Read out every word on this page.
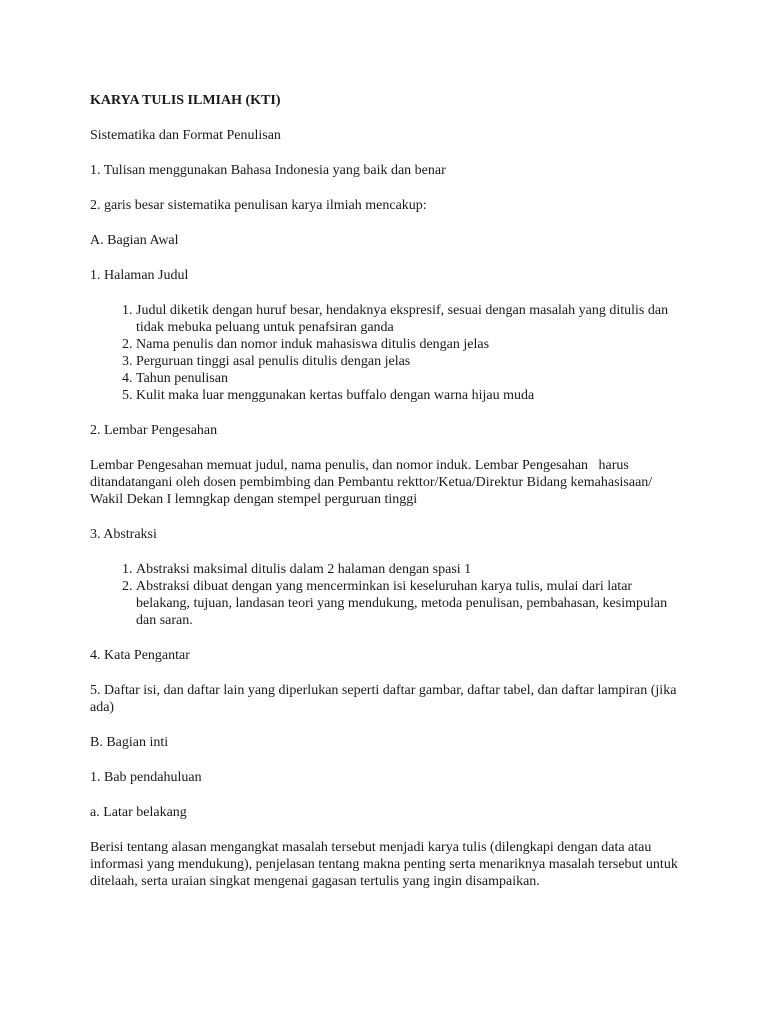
KARYA TULIS ILMIAH (KTI)

Sistematika dan Format Penulisan

1. Tulisan menggunakan Bahasa Indonesia yang baik dan benar

2. garis besar sistematika penulisan karya ilmiah mencakup:

A. Bagian Awal

1. Halaman Judul

1. Judul diketik dengan huruf besar, hendaknya ekspresif, sesuai dengan masalah yang ditulis dan tidak mebuka peluang untuk penafsiran ganda
2. Nama penulis dan nomor induk mahasiswa ditulis dengan jelas
3. Perguruan tinggi asal penulis ditulis dengan jelas
4. Tahun penulisan
5. Kulit maka luar menggunakan kertas buffalo dengan warna hijau muda

2. Lembar Pengesahan

Lembar Pengesahan memuat judul, nama penulis, dan nomor induk. Lembar Pengesahan   harus ditandatangani oleh dosen pembimbing dan Pembantu rekttor/Ketua/Direktur Bidang kemahasisaan/ Wakil Dekan I lemngkap dengan stempel perguruan tinggi

3. Abstraksi

1. Abstraksi maksimal ditulis dalam 2 halaman dengan spasi 1
2. Abstraksi dibuat dengan yang mencerminkan isi keseluruhan karya tulis, mulai dari latar belakang, tujuan, landasan teori yang mendukung, metoda penulisan, pembahasan, kesimpulan dan saran.

4. Kata Pengantar

5. Daftar isi, dan daftar lain yang diperlukan seperti daftar gambar, daftar tabel, dan daftar lampiran (jika ada)

B. Bagian inti

1. Bab pendahuluan

a. Latar belakang

Berisi tentang alasan mengangkat masalah tersebut menjadi karya tulis (dilengkapi dengan data atau informasi yang mendukung), penjelasan tentang makna penting serta menariknya masalah tersebut untuk ditelaah, serta uraian singkat mengenai gagasan tertulis yang ingin disampaikan.
